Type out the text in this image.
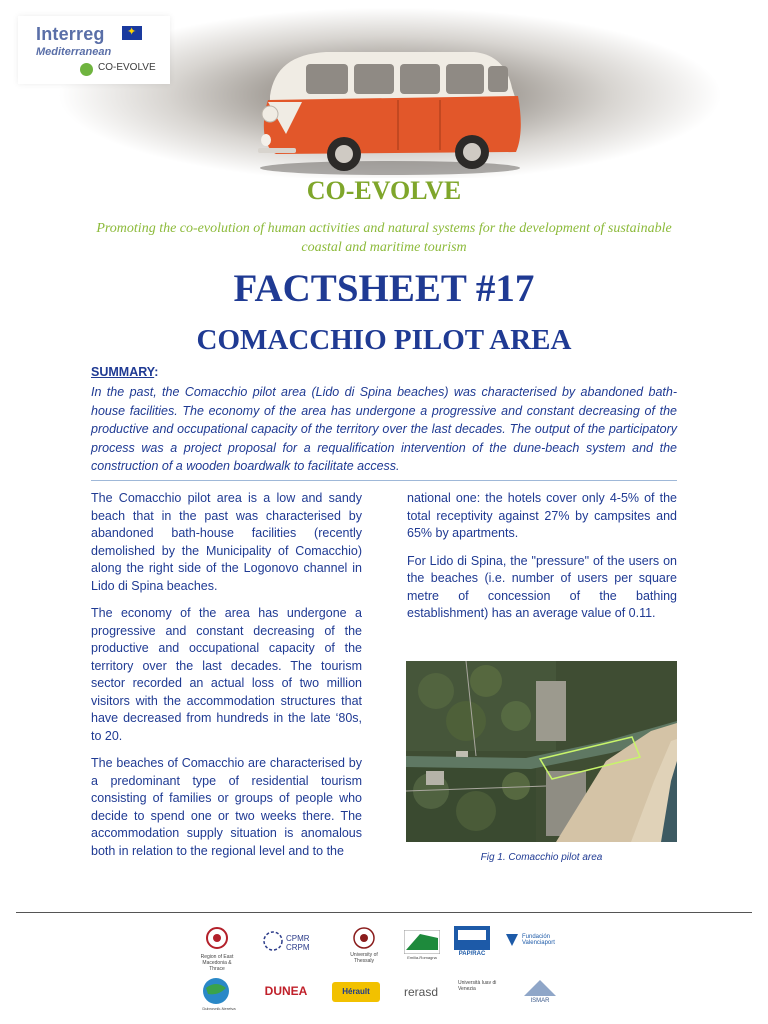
Interreg
✦
Mediterranean
CO-EVOLVE
CO-EVOLVE
Promoting the co-evolution of human activities and natural systems for the development of sustainable coastal and maritime tourism
FACTSHEET #17
COMACCHIO PILOT AREA
SUMMARY:
In the past, the Comacchio pilot area (Lido di Spina beaches) was characterised by abandoned bath-house facilities. The economy of the area has undergone a progressive and constant decreasing of the productive and occupational capacity of the territory over the last decades. The output of the participatory process was a project proposal for a requalification intervention of the dune-beach system and the construction of a wooden boardwalk to facilitate access.

The Comacchio pilot area is a low and sandy beach that in the past was characterised by abandoned bath-house facilities (recently demolished by the Municipality of Comacchio) along the right side of the Logonovo channel in Lido di Spina beaches.

The economy of the area has undergone a progressive and constant decreasing of the productive and occupational capacity of the territory over the last decades. The tourism sector recorded an actual loss of two million visitors with the accommodation structures that have decreased from hundreds in the late ‘80s, to 20.

The beaches of Comacchio are characterised by a predominant type of residential tourism consisting of families or groups of people who decide to spend one or two weeks there. The accommodation supply situation is anomalous both in relation to the regional level and to the

national one: the hotels cover only 4-5% of the total receptivity against 27% by campsites and 65% by apartments.

For Lido di Spina, the "pressure" of the users on the beaches (i.e. number of users per square metre of concession of the bathing establishment) has an average value of 0.11.

Fig 1. Comacchio pilot area
Region of East Macedonia & Thrace
CPMR CRPM
University of Thessaly
Emilia-Romagna
PAP/RAC
Fundación Valenciaport
Dubrovnik-Neretva
DUNEA	Hérault	rerasd
Università Iuav di Venezia
ISMAR
